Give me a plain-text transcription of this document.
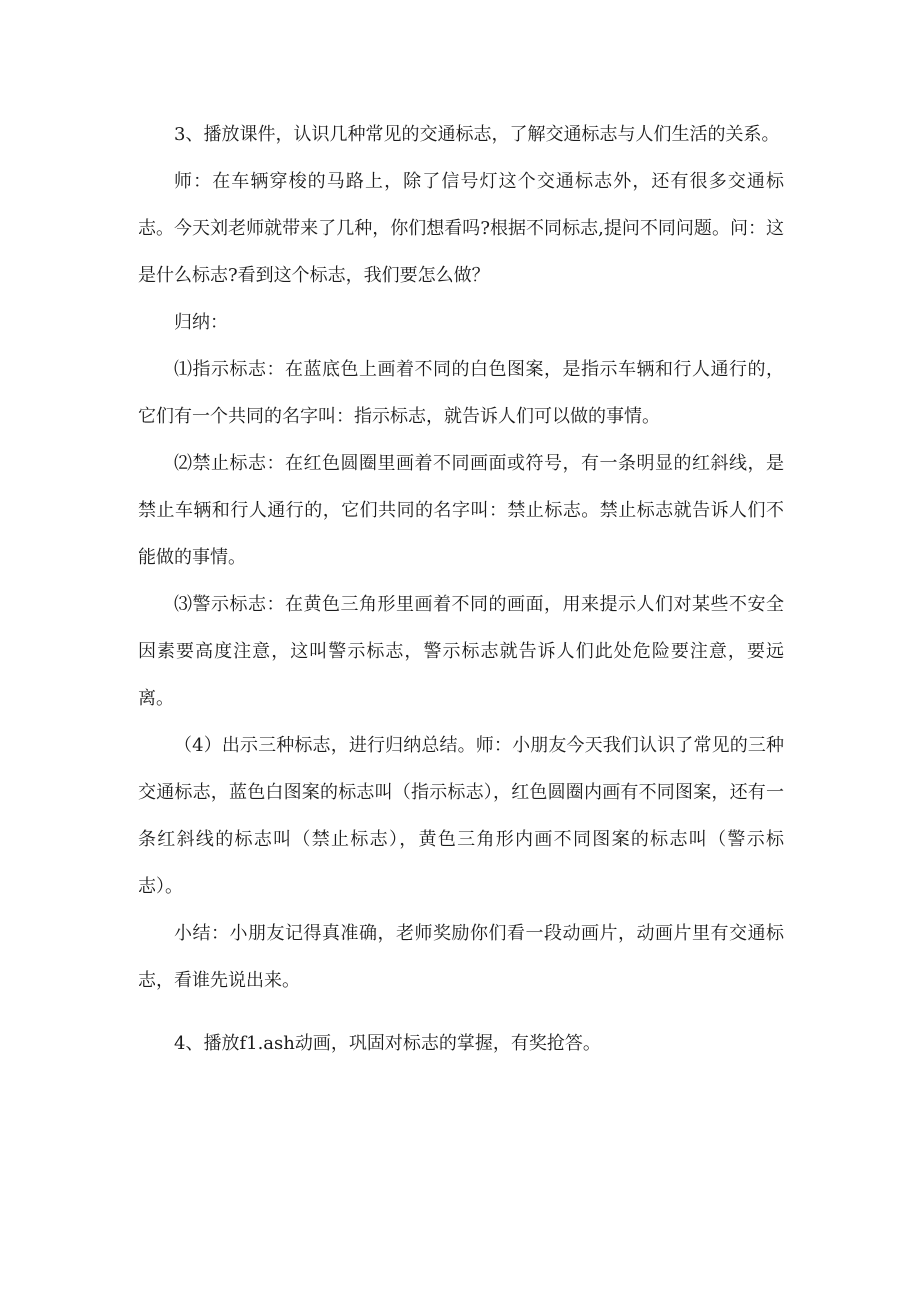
3、播放课件，认识几种常见的交通标志，了解交通标志与人们生活的关系。

师：在车辆穿梭的马路上，除了信号灯这个交通标志外，还有很多交通标志。今天刘老师就带来了几种，你们想看吗?根据不同标志,提问不同问题。问：这是什么标志?看到这个标志，我们要怎么做？

归纳：

⑴指示标志：在蓝底色上画着不同的白色图案，是指示车辆和行人通行的，它们有一个共同的名字叫：指示标志，就告诉人们可以做的事情。

⑵禁止标志：在红色圆圈里画着不同画面或符号，有一条明显的红斜线，是禁止车辆和行人通行的，它们共同的名字叫：禁止标志。禁止标志就告诉人们不能做的事情。

⑶警示标志：在黄色三角形里画着不同的画面，用来提示人们对某些不安全因素要高度注意，这叫警示标志，警示标志就告诉人们此处危险要注意，要远离。

（4）出示三种标志，进行归纳总结。师：小朋友今天我们认识了常见的三种交通标志，蓝色白图案的标志叫（指示标志），红色圆圈内画有不同图案，还有一条红斜线的标志叫（禁止标志），黄色三角形内画不同图案的标志叫（警示标志）。

小结：小朋友记得真准确，老师奖励你们看一段动画片，动画片里有交通标志，看谁先说出来。

4、播放f1.ash动画，巩固对标志的掌握，有奖抢答。
